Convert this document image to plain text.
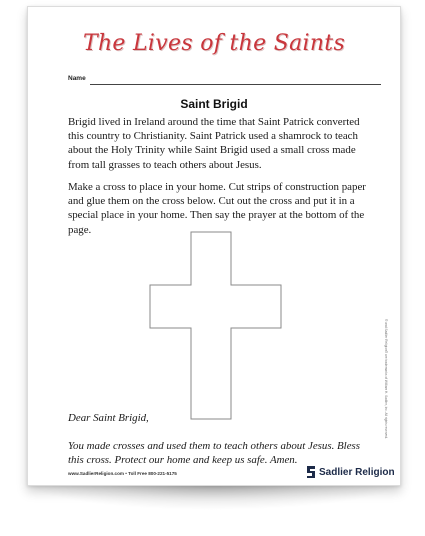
The Lives of the Saints
Name
Saint Brigid
Brigid lived in Ireland around the time that Saint Patrick converted this country to Christianity. Saint Patrick used a shamrock to teach about the Holy Trinity while Saint Brigid used a small cross made from tall grasses to teach others about Jesus.
Make a cross to place in your home. Cut strips of construction paper and glue them on the cross below. Cut out the cross and put it in a special place in your home. Then say the prayer at the bottom of the page.
Dear Saint Brigid,
You made crosses and used them to teach others about Jesus. Bless this cross. Protect our home and keep us safe. Amen.
® and Sadlier Religion® are trademarks of William H. Sadlier, Inc. All rights reserved.
www.SadlierReligion.com • Toll Free 800-221-5175	Sadlier Religion
